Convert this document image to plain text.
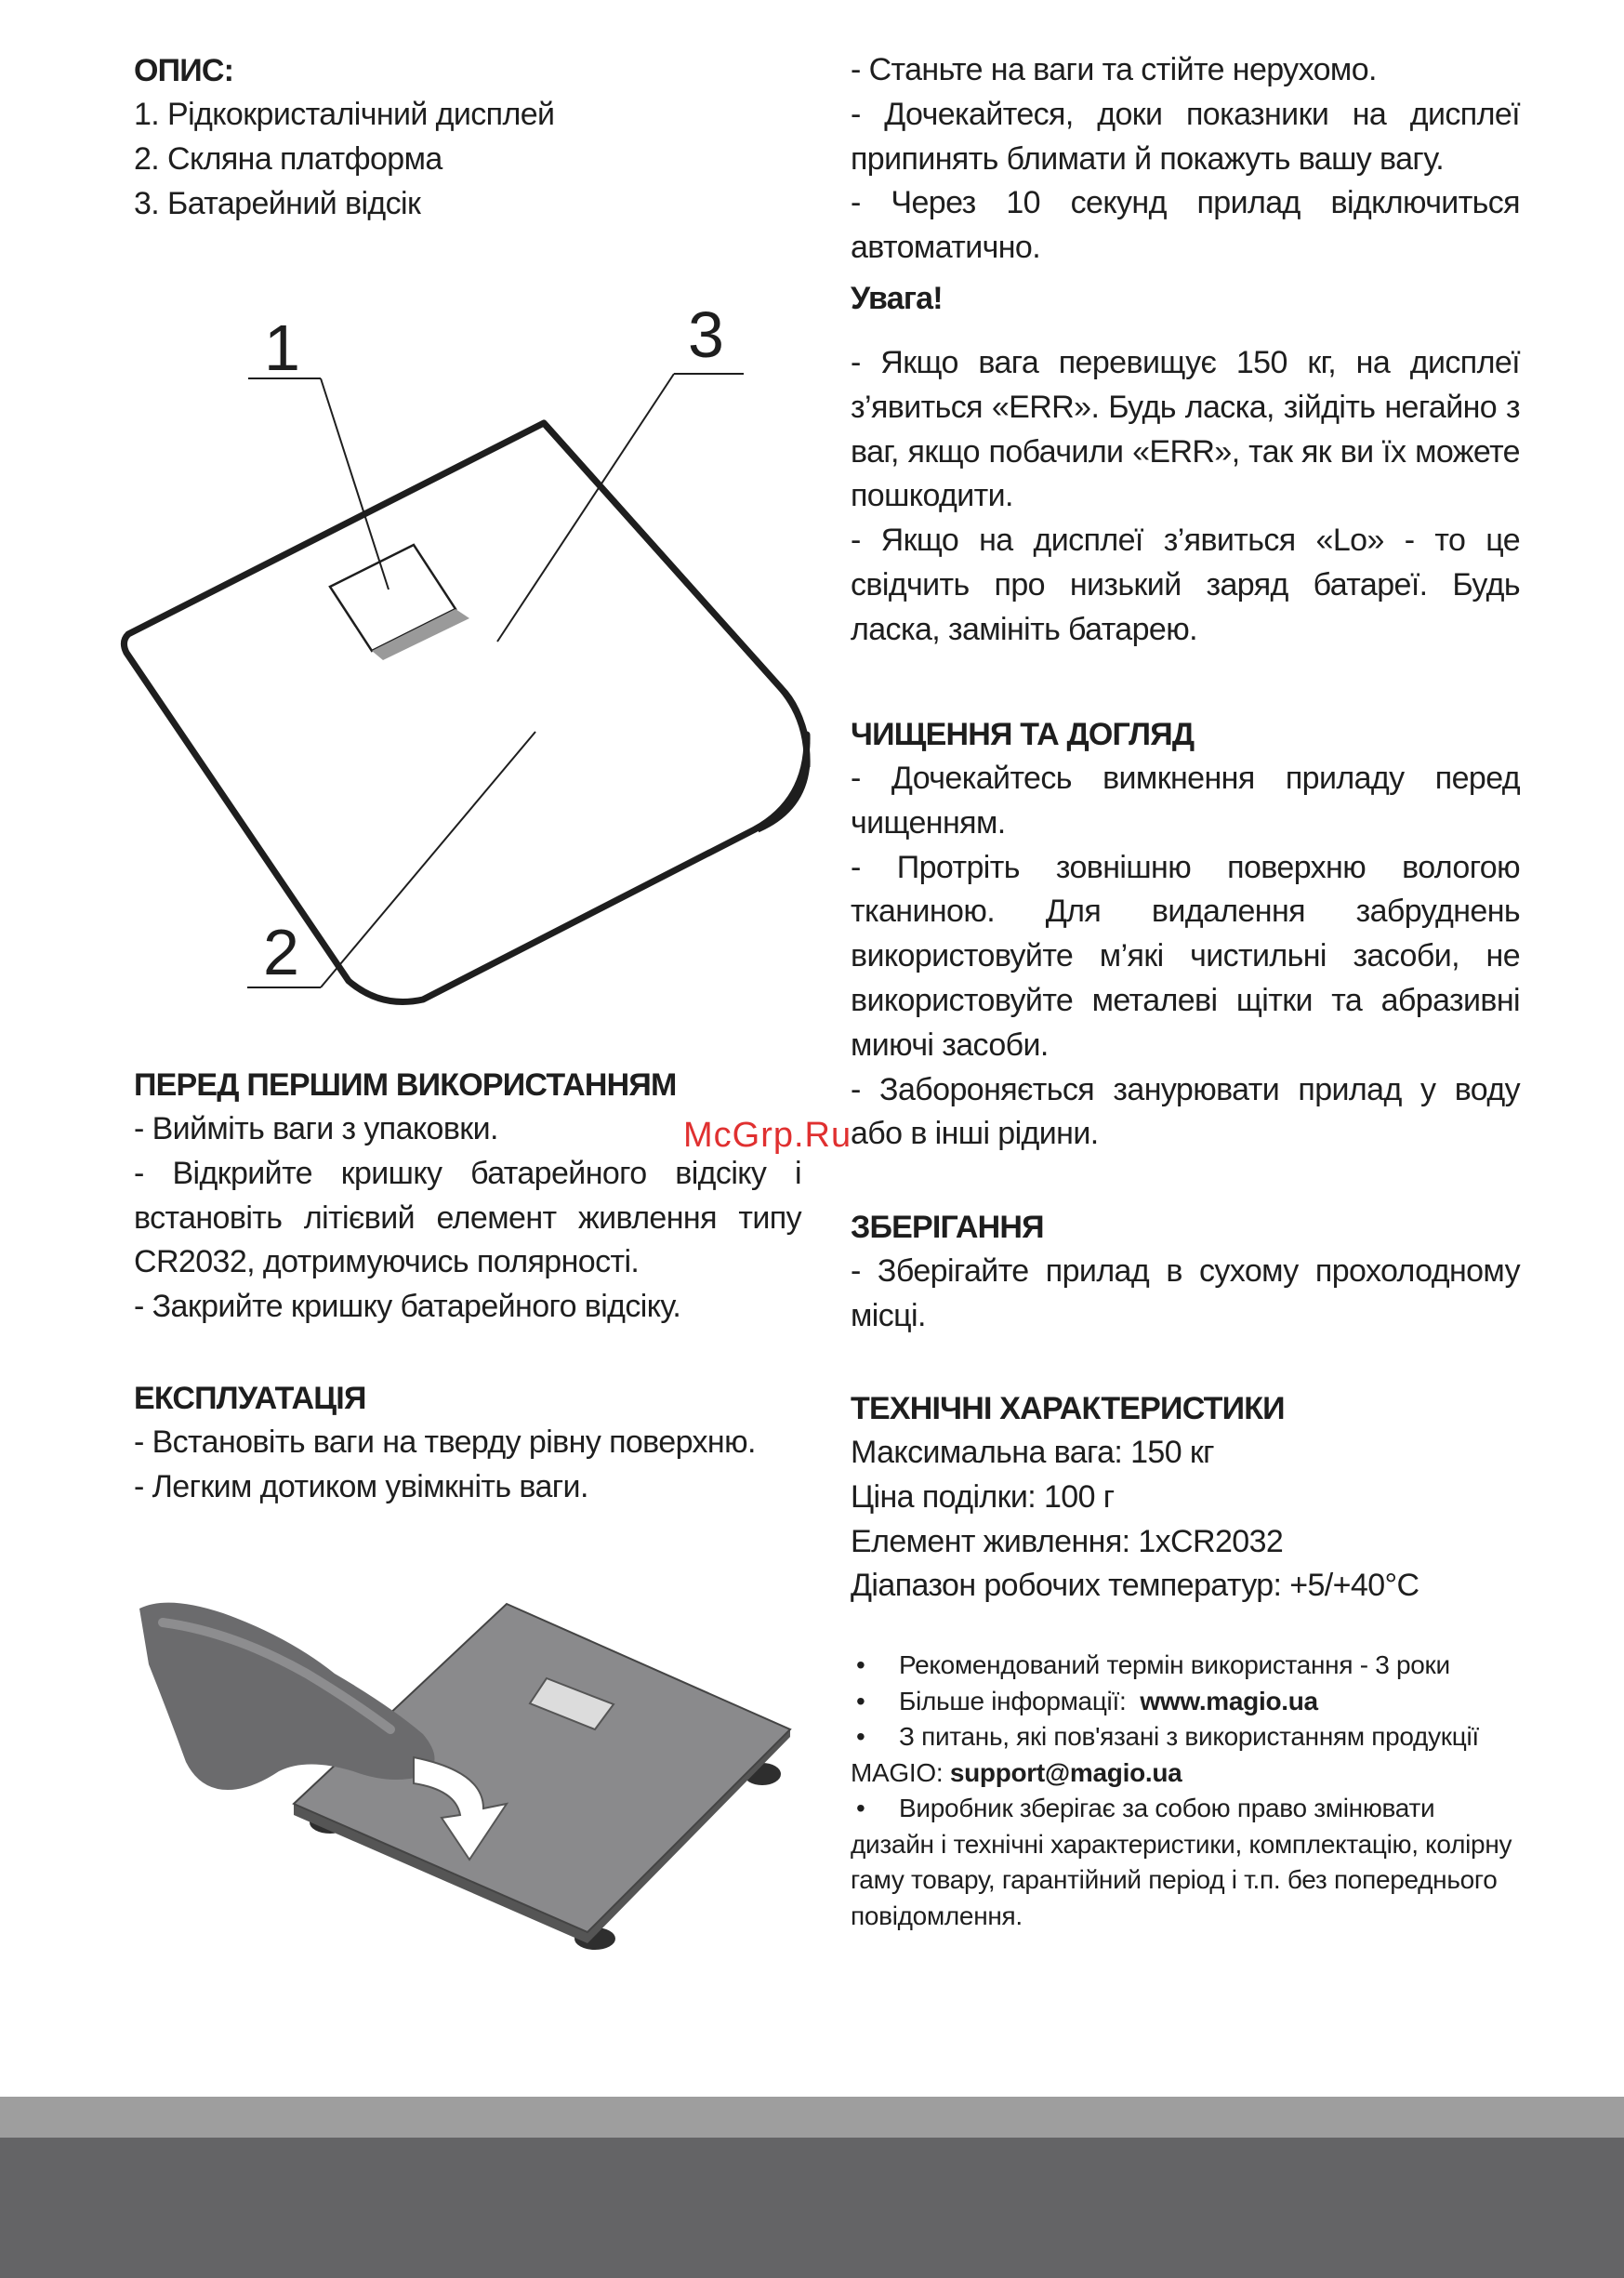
ОПИС:

1. Рідкокристалічний дисплей

2. Скляна платформа

3. Батарейний відсік

1	3
2

ПЕРЕД ПЕРШИМ ВИКОРИСТАННЯМ

- Вийміть ваги з упаковки.

- Відкрийте кришку батарейного відсіку і встановіть літієвий елемент живлення типу CR2032, дотримуючись полярності.

- Закрийте кришку батарейного відсіку.

ЕКСПЛУАТАЦІЯ

- Встановіть ваги на тверду рівну поверхню.

- Легким дотиком увімкніть ваги.

- Станьте на ваги та стійте нерухомо.

- Дочекайтеся, доки показники на дисплеї припинять блимати й покажуть вашу вагу.

- Через 10 секунд прилад відключиться автоматично.

Увага!

- Якщо вага перевищує 150 кг, на дисплеї з’явиться «ERR». Будь ласка, зійдіть негайно з ваг, якщо побачили «ERR», так як ви їх можете пошкодити.

- Якщо на дисплеї з’явиться «Lo» - то це свідчить про низький заряд батареї. Будь ласка, замініть батарею.

ЧИЩЕННЯ ТА ДОГЛЯД

- Дочекайтесь вимкнення приладу перед чищенням.

- Протріть зовнішню поверхню вологою тканиною. Для видалення забруднень використовуйте м’які чистильні засоби, не використовуйте металеві щітки та абразивні миючі засоби.

- Забороняється занурювати прилад у воду або в інші рідини.

McGrp.Ru

ЗБЕРІГАННЯ

- Зберігайте прилад в сухому прохолодному місці.

ТЕХНІЧНІ ХАРАКТЕРИСТИКИ

Максимальна вага: 150 кг

Ціна поділки: 100 г

Елемент живлення: 1xCR2032

Діапазон робочих температур: +5/+40°С

• Рекомендований термін використання - 3 роки

• Більше інформації: www.magio.ua

• З питань, які пов'язані з використанням продукції MAGIO: support@magio.ua

• Виробник зберігає за собою право змінювати дизайн і технічні характеристики, комплектацію, колірну гаму товару, гарантійний період і т.п. без попереднього повідомлення.
